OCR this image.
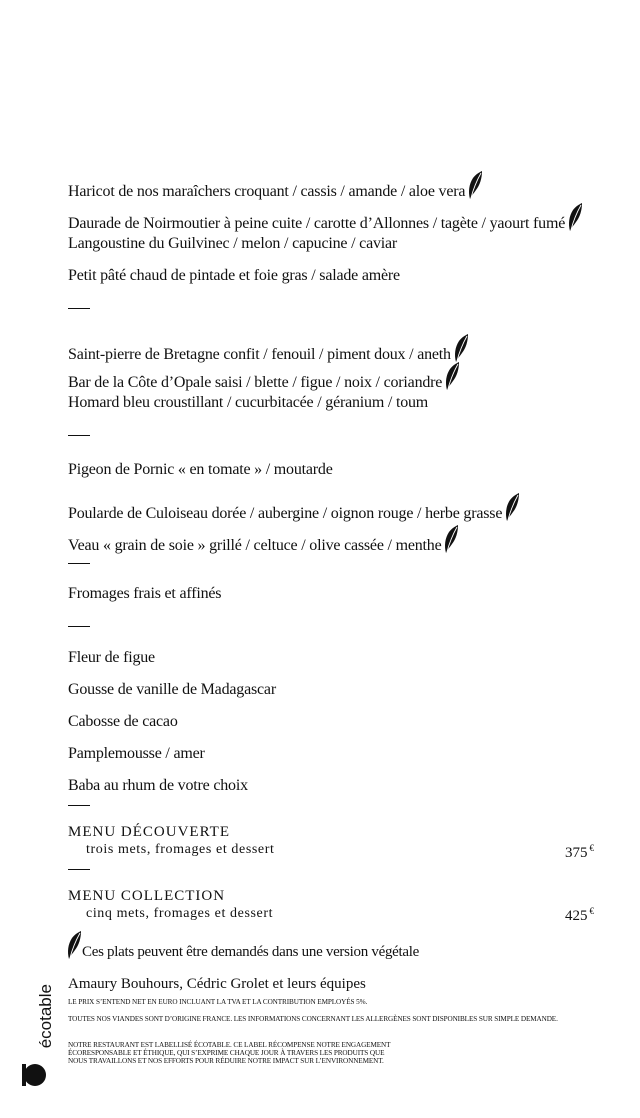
Haricot de nos maraîchers croquant / cassis / amande / aloe vera
Daurade de Noirmoutier à peine cuite / carotte d’Allonnes / tagète / yaourt fumé
Langoustine du Guilvinec / melon / capucine / caviar
Petit pâté chaud de pintade et foie gras / salade amère
Saint-pierre de Bretagne confit / fenouil / piment doux / aneth
Bar de la Côte d’Opale saisi / blette / figue / noix / coriandre
Homard bleu croustillant / cucurbitacée / géranium / toum
Pigeon de Pornic « en tomate » / moutarde
Poularde de Culoiseau dorée / aubergine / oignon rouge / herbe grasse
Veau « grain de soie » grillé / celtuce / olive cassée / menthe
Fromages frais et affinés
Fleur de figue
Gousse de vanille de Madagascar
Cabosse de cacao
Pamplemousse / amer
Baba au rhum de votre choix
MENU DÉCOUVERTE
trois mets, fromages et dessert	375 €
MENU COLLECTION
cinq mets, fromages et dessert	425 €
Ces plats peuvent être demandés dans une version végétale
Amaury Bouhours, Cédric Grolet et leurs équipes
LE PRIX S’ENTEND NET EN EURO INCLUANT LA TVA ET LA CONTRIBUTION EMPLOYÉS 5%.
TOUTES NOS VIANDES SONT D’ORIGINE FRANCE. LES INFORMATIONS CONCERNANT LES ALLERGÈNES SONT DISPONIBLES SUR SIMPLE DEMANDE.
NOTRE RESTAURANT EST LABELLISÉ ÉCOTABLE. CE LABEL RÉCOMPENSE NOTRE ENGAGEMENT
ÉCORESPONSABLE ET ÉTHIQUE, QUI S’EXPRIME CHAQUE JOUR À TRAVERS LES PRODUITS QUE
NOUS TRAVAILLONS ET NOS EFFORTS POUR RÉDUIRE NOTRE IMPACT SUR L’ENVIRONNEMENT.
écotable
